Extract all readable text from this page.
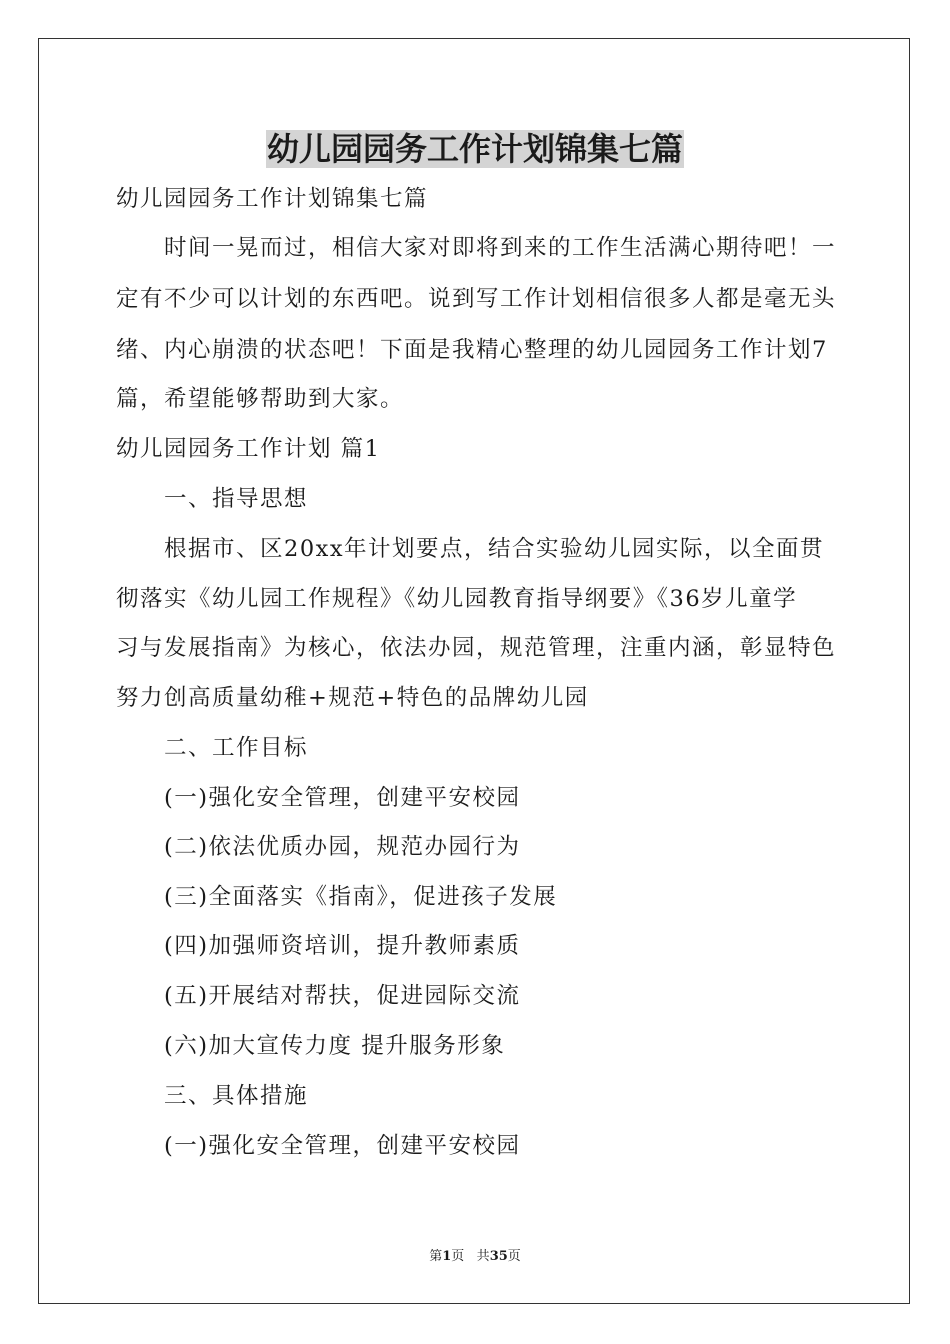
幼儿园园务工作计划锦集七篇
幼儿园园务工作计划锦集七篇
时间一晃而过，相信大家对即将到来的工作生活满心期待吧！一
定有不少可以计划的东西吧。说到写工作计划相信很多人都是毫无头
绪、内心崩溃的状态吧！下面是我精心整理的幼儿园园务工作计划7
篇，希望能够帮助到大家。
幼儿园园务工作计划 篇1
一、指导思想
根据市、区20xx年计划要点，结合实验幼儿园实际，以全面贯
彻落实《幼儿园工作规程》《幼儿园教育指导纲要》《36岁儿童学
习与发展指南》为核心，依法办园，规范管理，注重内涵，彰显特色
努力创高质量幼稚+规范+特色的品牌幼儿园
二、工作目标
(一)强化安全管理，创建平安校园
(二)依法优质办园，规范办园行为
(三)全面落实《指南》，促进孩子发展
(四)加强师资培训，提升教师素质
(五)开展结对帮扶，促进园际交流
(六)加大宣传力度 提升服务形象
三、具体措施
(一)强化安全管理，创建平安校园
第1页 共35页
